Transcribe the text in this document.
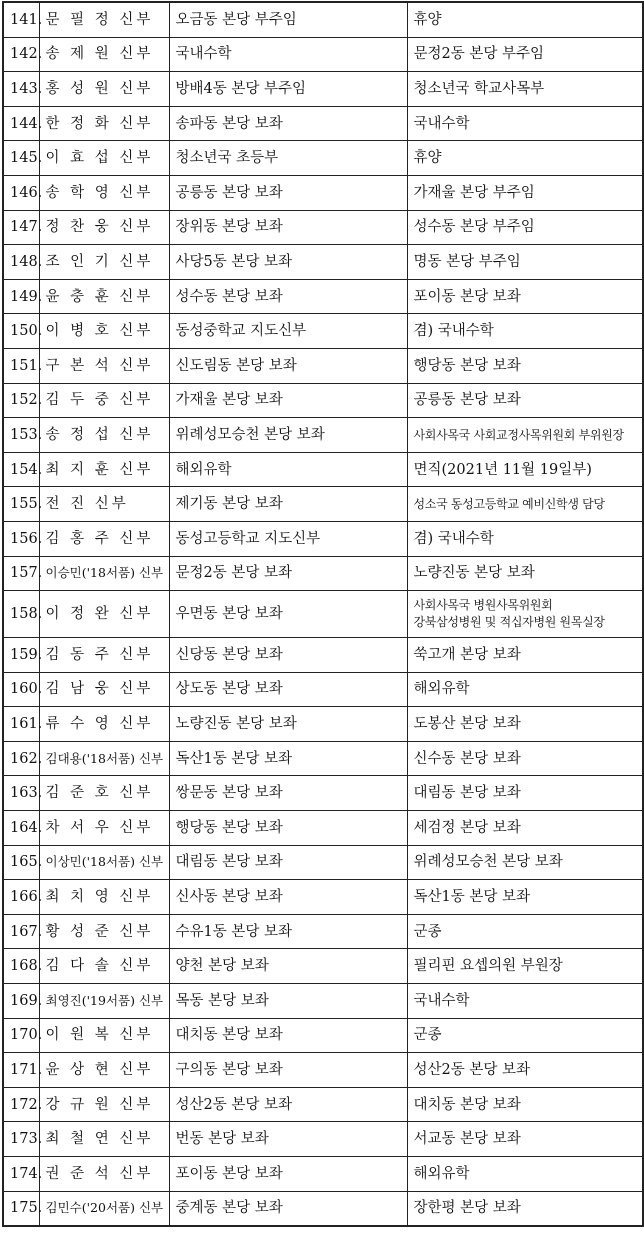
141.	문 필 정 신부	오금동 본당 부주임	휴양
142.	송 제 원 신부	국내수학	문정2동 본당 부주임
143.	홍 성 원 신부	방배4동 본당 부주임	청소년국 학교사목부
144.	한 정 화 신부	송파동 본당 보좌	국내수학
145.	이 효 섭 신부	청소년국 초등부	휴양
146.	송 학 영 신부	공릉동 본당 보좌	가재울 본당 부주임
147.	정 찬 웅 신부	장위동 본당 보좌	성수동 본당 부주임
148.	조 인 기 신부	사당5동 본당 보좌	명동 본당 부주임
149.	윤 충 훈 신부	성수동 본당 보좌	포이동 본당 보좌
150.	이 병 호 신부	동성중학교 지도신부	겸) 국내수학
151.	구 본 석 신부	신도림동 본당 보좌	행당동 본당 보좌
152.	김 두 중 신부	가재울 본당 보좌	공릉동 본당 보좌
153.	송 정 섭 신부	위례성모승천 본당 보좌	사회사목국 사회교정사목위원회 부위원장
154.	최 지 훈 신부	해외유학	면직(2021년 11월 19일부)
155.	전 진 신부	제기동 본당 보좌	성소국 동성고등학교 예비신학생 담당
156.	김 홍 주 신부	동성고등학교 지도신부	겸) 국내수학
157.	이승민('18서품) 신부	문정2동 본당 보좌	노량진동 본당 보좌
158.	이 정 완 신부	우면동 본당 보좌	사회사목국 병원사목위원회
강북삼성병원 및 적십자병원 원목실장

159.	김 동 주 신부	신당동 본당 보좌	쑥고개 본당 보좌
160.	김 남 웅 신부	상도동 본당 보좌	해외유학
161.	류 수 영 신부	노량진동 본당 보좌	도봉산 본당 보좌
162.	김대용('18서품) 신부	독산1동 본당 보좌	신수동 본당 보좌
163.	김 준 호 신부	쌍문동 본당 보좌	대림동 본당 보좌
164.	차 서 우 신부	행당동 본당 보좌	세검정 본당 보좌
165.	이상민('18서품) 신부	대림동 본당 보좌	위례성모승천 본당 보좌
166.	최 치 영 신부	신사동 본당 보좌	독산1동 본당 보좌
167.	황 성 준 신부	수유1동 본당 보좌	군종
168.	김 다 솔 신부	양천 본당 보좌	필리핀 요셉의원 부원장
169.	최영진('19서품) 신부	목동 본당 보좌	국내수학
170.	이 원 복 신부	대치동 본당 보좌	군종
171.	윤 상 현 신부	구의동 본당 보좌	성산2동 본당 보좌
172.	강 규 원 신부	성산2동 본당 보좌	대치동 본당 보좌
173.	최 철 연 신부	번동 본당 보좌	서교동 본당 보좌
174.	권 준 석 신부	포이동 본당 보좌	해외유학
175.	김민수('20서품) 신부	중계동 본당 보좌	장한평 본당 보좌
